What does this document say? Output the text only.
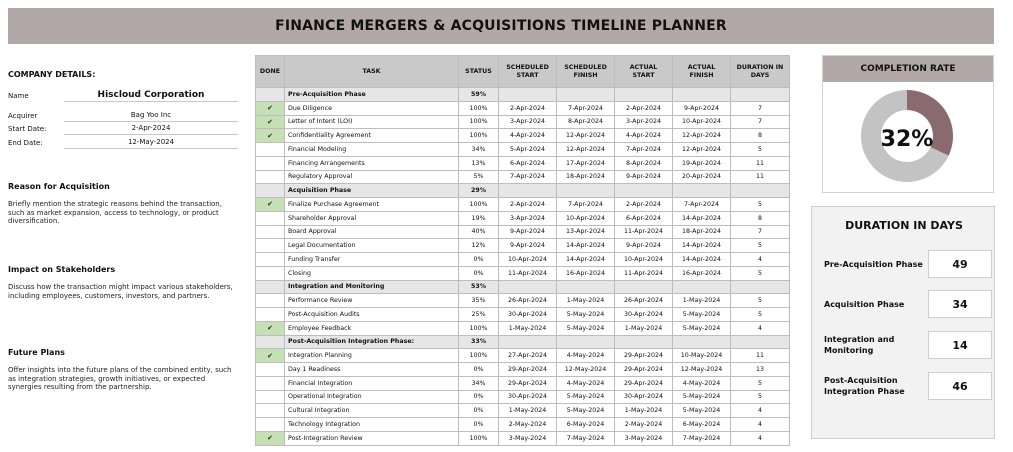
FINANCE MERGERS & ACQUISITIONS TIMELINE PLANNER
COMPANY DETAILS:
Name	Hiscloud Corporation
Acquirer	Bag Yoo Inc
Start Date:	2-Apr-2024
End Date:	12-May-2024
Reason for Acquisition
Briefly mention the strategic reasons behind the transaction, such as market expansion, access to technology, or product diversification.
Impact on Stakeholders
Discuss how the transaction might impact various stakeholders, including employees, customers, investors, and partners.
Future Plans
Offer insights into the future plans of the combined entity, such as integration strategies, growth initiatives, or expected synergies resulting from the partnership.
DONE	TASK	STATUS	SCHEDULED START	SCHEDULED FINISH	ACTUAL START	ACTUAL FINISH	DURATION IN DAYS
	Pre-Acquisition Phase	59%					
✔	Due Diligence	100%	2-Apr-2024	7-Apr-2024	2-Apr-2024	9-Apr-2024	7
✔	Letter of Intent (LOI)	100%	3-Apr-2024	8-Apr-2024	3-Apr-2024	10-Apr-2024	7
✔	Confidentiality Agreement	100%	4-Apr-2024	12-Apr-2024	4-Apr-2024	12-Apr-2024	8
	Financial Modeling	34%	5-Apr-2024	12-Apr-2024	7-Apr-2024	12-Apr-2024	5
	Financing Arrangements	13%	6-Apr-2024	17-Apr-2024	8-Apr-2024	19-Apr-2024	11
	Regulatory Approval	5%	7-Apr-2024	18-Apr-2024	9-Apr-2024	20-Apr-2024	11
	Acquisition Phase	29%					
✔	Finalize Purchase Agreement	100%	2-Apr-2024	7-Apr-2024	2-Apr-2024	7-Apr-2024	5
	Shareholder Approval	19%	3-Apr-2024	10-Apr-2024	6-Apr-2024	14-Apr-2024	8
	Board Approval	40%	9-Apr-2024	13-Apr-2024	11-Apr-2024	18-Apr-2024	7
	Legal Documentation	12%	9-Apr-2024	14-Apr-2024	9-Apr-2024	14-Apr-2024	5
	Funding Transfer	0%	10-Apr-2024	14-Apr-2024	10-Apr-2024	14-Apr-2024	4
	Closing	0%	11-Apr-2024	16-Apr-2024	11-Apr-2024	16-Apr-2024	5
	Integration and Monitoring	53%					
	Performance Review	35%	26-Apr-2024	1-May-2024	26-Apr-2024	1-May-2024	5
	Post-Acquisition Audits	25%	30-Apr-2024	5-May-2024	30-Apr-2024	5-May-2024	5
✔	Employee Feedback	100%	1-May-2024	5-May-2024	1-May-2024	5-May-2024	4
	Post-Acquisition Integration Phase:	33%					
✔	Integration Planning	100%	27-Apr-2024	4-May-2024	29-Apr-2024	10-May-2024	11
	Day 1 Readiness	0%	29-Apr-2024	12-May-2024	29-Apr-2024	12-May-2024	13
	Financial Integration	34%	29-Apr-2024	4-May-2024	29-Apr-2024	4-May-2024	5
	Operational Integration	0%	30-Apr-2024	5-May-2024	30-Apr-2024	5-May-2024	5
	Cultural Integration	0%	1-May-2024	5-May-2024	1-May-2024	5-May-2024	4
	Technology Integration	0%	2-May-2024	6-May-2024	2-May-2024	6-May-2024	4
✔	Post-Integration Review	100%	3-May-2024	7-May-2024	3-May-2024	7-May-2024	4
COMPLETION RATE
32%
DURATION IN DAYS
Pre-Acquisition Phase	49
Acquisition Phase	34
Integration and Monitoring	14
Post-Acquisition Integration Phase	46
